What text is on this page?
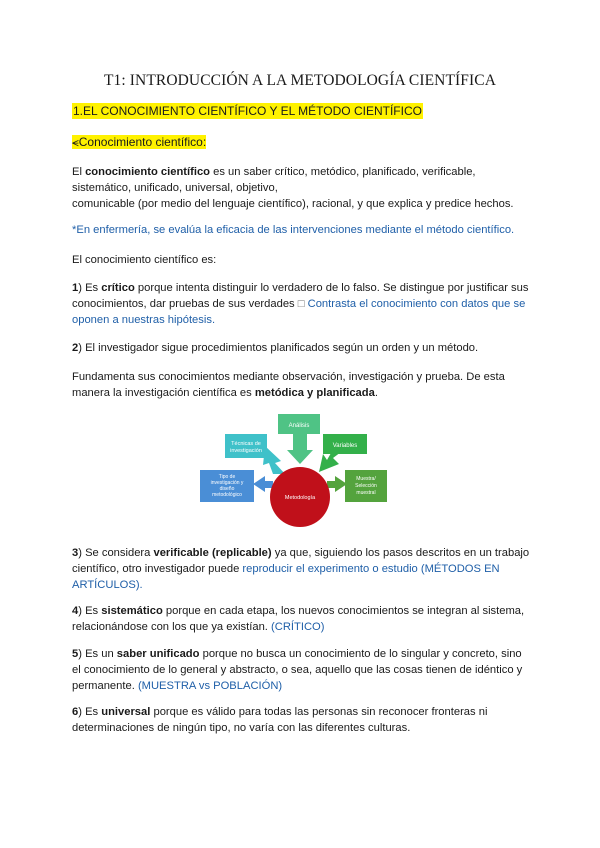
T1: INTRODUCCIÓN A LA METODOLOGÍA CIENTÍFICA
1.EL CONOCIMIENTO CIENTÍFICO Y EL MÉTODO CIENTÍFICO
⪪Conocimiento científico:
El conocimiento científico es un saber crítico, metódico, planificado, verificable,
sistemático, unificado, universal, objetivo,
comunicable (por medio del lenguaje científico), racional, y que explica y predice hechos.
*En enfermería, se evalúa la eficacia de las intervenciones mediante el método científico.
El conocimiento científico es:
1) Es crítico porque intenta distinguir lo verdadero de lo falso. Se distingue por justificar sus
conocimientos, dar pruebas de sus verdades □ Contrasta el conocimiento con datos que se
oponen a nuestras hipótesis.
2) El investigador sigue procedimientos planificados según un orden y un método.
Fundamenta sus conocimientos mediante observación, investigación y prueba. De esta
manera la investigación científica es metódica y planificada.
Análisis
Técnicas de
investigación
Variables
Tipo de
investigación y
diseño
metodológico
Muestra/
Selección
muestral
Metodología
3) Se considera verificable (replicable) ya que, siguiendo los pasos descritos en un trabajo
científico, otro investigador puede reproducir el experimento o estudio (MÉTODOS EN
ARTÍCULOS).
4) Es sistemático porque en cada etapa, los nuevos conocimientos se integran al sistema,
relacionándose con los que ya existían. (CRÍTICO)
5) Es un saber unificado porque no busca un conocimiento de lo singular y concreto, sino
el conocimiento de lo general y abstracto, o sea, aquello que las cosas tienen de idéntico y
permanente. (MUESTRA vs POBLACIÓN)
6) Es universal porque es válido para todas las personas sin reconocer fronteras ni
determinaciones de ningún tipo, no varía con las diferentes culturas.
